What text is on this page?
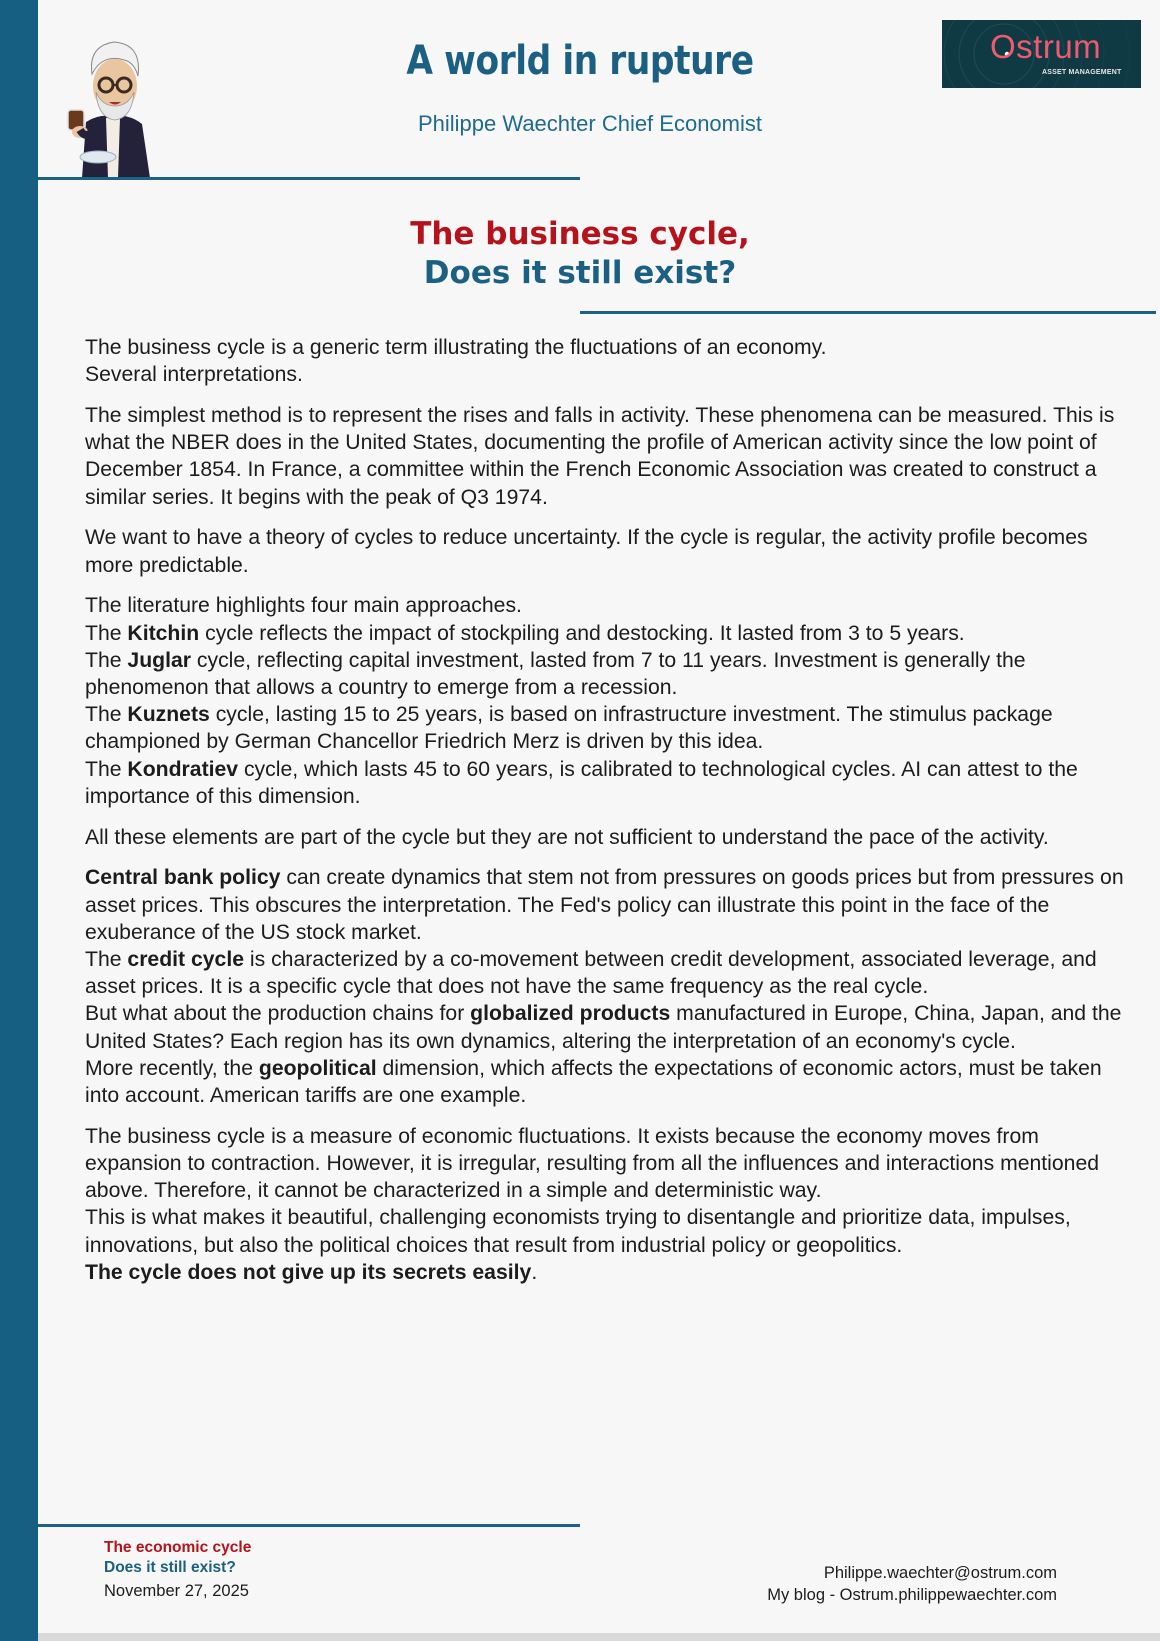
A world in rupture
Philippe Waechter Chief Economist
Ostrum
ASSET MANAGEMENT
The business cycle,
Does it still exist?

The business cycle is a generic term illustrating the fluctuations of an economy.
Several interpretations.

The simplest method is to represent the rises and falls in activity. These phenomena can be measured. This is what the NBER does in the United States, documenting the profile of American activity since the low point of December 1854. In France, a committee within the French Economic Association was created to construct a similar series. It begins with the peak of Q3 1974.

We want to have a theory of cycles to reduce uncertainty. If the cycle is regular, the activity profile becomes more predictable.

The literature highlights four main approaches.
The Kitchin cycle reflects the impact of stockpiling and destocking. It lasted from 3 to 5 years.
The Juglar cycle, reflecting capital investment, lasted from 7 to 11 years. Investment is generally the phenomenon that allows a country to emerge from a recession.
The Kuznets cycle, lasting 15 to 25 years, is based on infrastructure investment. The stimulus package championed by German Chancellor Friedrich Merz is driven by this idea.
The Kondratiev cycle, which lasts 45 to 60 years, is calibrated to technological cycles. AI can attest to the importance of this dimension.

All these elements are part of the cycle but they are not sufficient to understand the pace of the activity.

Central bank policy can create dynamics that stem not from pressures on goods prices but from pressures on asset prices. This obscures the interpretation. The Fed's policy can illustrate this point in the face of the exuberance of the US stock market.
The credit cycle is characterized by a co-movement between credit development, associated leverage, and asset prices. It is a specific cycle that does not have the same frequency as the real cycle.
But what about the production chains for globalized products manufactured in Europe, China, Japan, and the United States? Each region has its own dynamics, altering the interpretation of an economy's cycle.
More recently, the geopolitical dimension, which affects the expectations of economic actors, must be taken into account. American tariffs are one example.

The business cycle is a measure of economic fluctuations. It exists because the economy moves from expansion to contraction. However, it is irregular, resulting from all the influences and interactions mentioned above. Therefore, it cannot be characterized in a simple and deterministic way.
This is what makes it beautiful, challenging economists trying to disentangle and prioritize data, impulses, innovations, but also the political choices that result from industrial policy or geopolitics.
The cycle does not give up its secrets easily.

The economic cycle
Does it still exist?
November 27, 2025
Philippe.waechter@ostrum.com
My blog - Ostrum.philippewaechter.com
